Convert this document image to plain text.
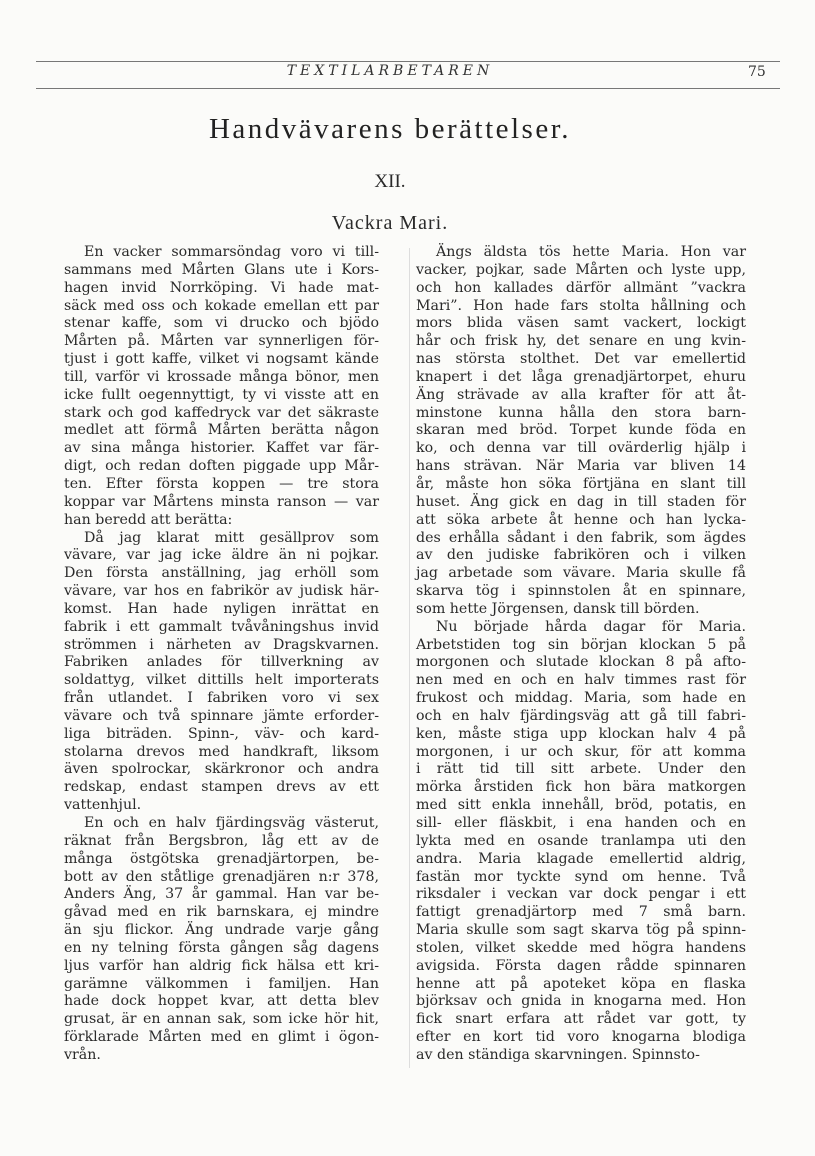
TEXTILARBETAREN	75
Handvävarens berättelser.
XII.
Vackra Mari.
En vacker sommarsöndag voro vi till-
sammans med Mårten Glans ute i Kors-
hagen invid Norrköping. Vi hade mat-
säck med oss och kokade emellan ett par
stenar kaffe, som vi drucko och bjödo
Mårten på. Mårten var synnerligen för-
tjust i gott kaffe, vilket vi nogsamt kände
till, varför vi krossade många bönor, men
icke fullt oegennyttigt, ty vi visste att en
stark och god kaffedryck var det säkraste
medlet att förmå Mårten berätta någon
av sina många historier. Kaffet var fär-
digt, och redan doften piggade upp Mår-
ten. Efter första koppen — tre stora
koppar var Mårtens minsta ranson — var
han beredd att berätta:
Då jag klarat mitt gesällprov som
vävare, var jag icke äldre än ni pojkar.
Den första anställning, jag erhöll som
vävare, var hos en fabrikör av judisk här-
komst. Han hade nyligen inrättat en
fabrik i ett gammalt tvåvåningshus invid
strömmen i närheten av Dragskvarnen.
Fabriken anlades för tillverkning av
soldattyg, vilket dittills helt importerats
från utlandet. I fabriken voro vi sex
vävare och två spinnare jämte erforder-
liga biträden. Spinn-, väv- och kard-
stolarna drevos med handkraft, liksom
även spolrockar, skärkronor och andra
redskap, endast stampen drevs av ett
vattenhjul.
En och en halv fjärdingsväg västerut,
räknat från Bergsbron, låg ett av de
många östgötska grenadjärtorpen, be-
bott av den ståtlige grenadjären n:r 378,
Anders Äng, 37 år gammal. Han var be-
gåvad med en rik barnskara, ej mindre
än sju flickor. Äng undrade varje gång
en ny telning första gången såg dagens
ljus varför han aldrig fick hälsa ett kri-
garämne välkommen i familjen. Han
hade dock hoppet kvar, att detta blev
grusat, är en annan sak, som icke hör hit,
förklarade Mårten med en glimt i ögon-
vrån.
Ängs äldsta tös hette Maria. Hon var
vacker, pojkar, sade Mårten och lyste upp,
och hon kallades därför allmänt ”vackra
Mari”. Hon hade fars stolta hållning och
mors blida väsen samt vackert, lockigt
hår och frisk hy, det senare en ung kvin-
nas största stolthet. Det var emellertid
knapert i det låga grenadjärtorpet, ehuru
Äng strävade av alla krafter för att åt-
minstone kunna hålla den stora barn-
skaran med bröd. Torpet kunde föda en
ko, och denna var till ovärderlig hjälp i
hans strävan. När Maria var bliven 14
år, måste hon söka förtjäna en slant till
huset. Äng gick en dag in till staden för
att söka arbete åt henne och han lycka-
des erhålla sådant i den fabrik, som ägdes
av den judiske fabrikören och i vilken
jag arbetade som vävare. Maria skulle få
skarva tög i spinnstolen åt en spinnare,
som hette Jörgensen, dansk till börden.
Nu började hårda dagar för Maria.
Arbetstiden tog sin början klockan 5 på
morgonen och slutade klockan 8 på afto-
nen med en och en halv timmes rast för
frukost och middag. Maria, som hade en
och en halv fjärdingsväg att gå till fabri-
ken, måste stiga upp klockan halv 4 på
morgonen, i ur och skur, för att komma
i rätt tid till sitt arbete. Under den
mörka årstiden fick hon bära matkorgen
med sitt enkla innehåll, bröd, potatis, en
sill- eller fläskbit, i ena handen och en
lykta med en osande tranlampa uti den
andra. Maria klagade emellertid aldrig,
fastän mor tyckte synd om henne. Två
riksdaler i veckan var dock pengar i ett
fattigt grenadjärtorp med 7 små barn.
Maria skulle som sagt skarva tög på spinn-
stolen, vilket skedde med högra handens
avigsida. Första dagen rådde spinnaren
henne att på apoteket köpa en flaska
björksav och gnida in knogarna med. Hon
fick snart erfara att rådet var gott, ty
efter en kort tid voro knogarna blodiga
av den ständiga skarvningen. Spinnsto-
